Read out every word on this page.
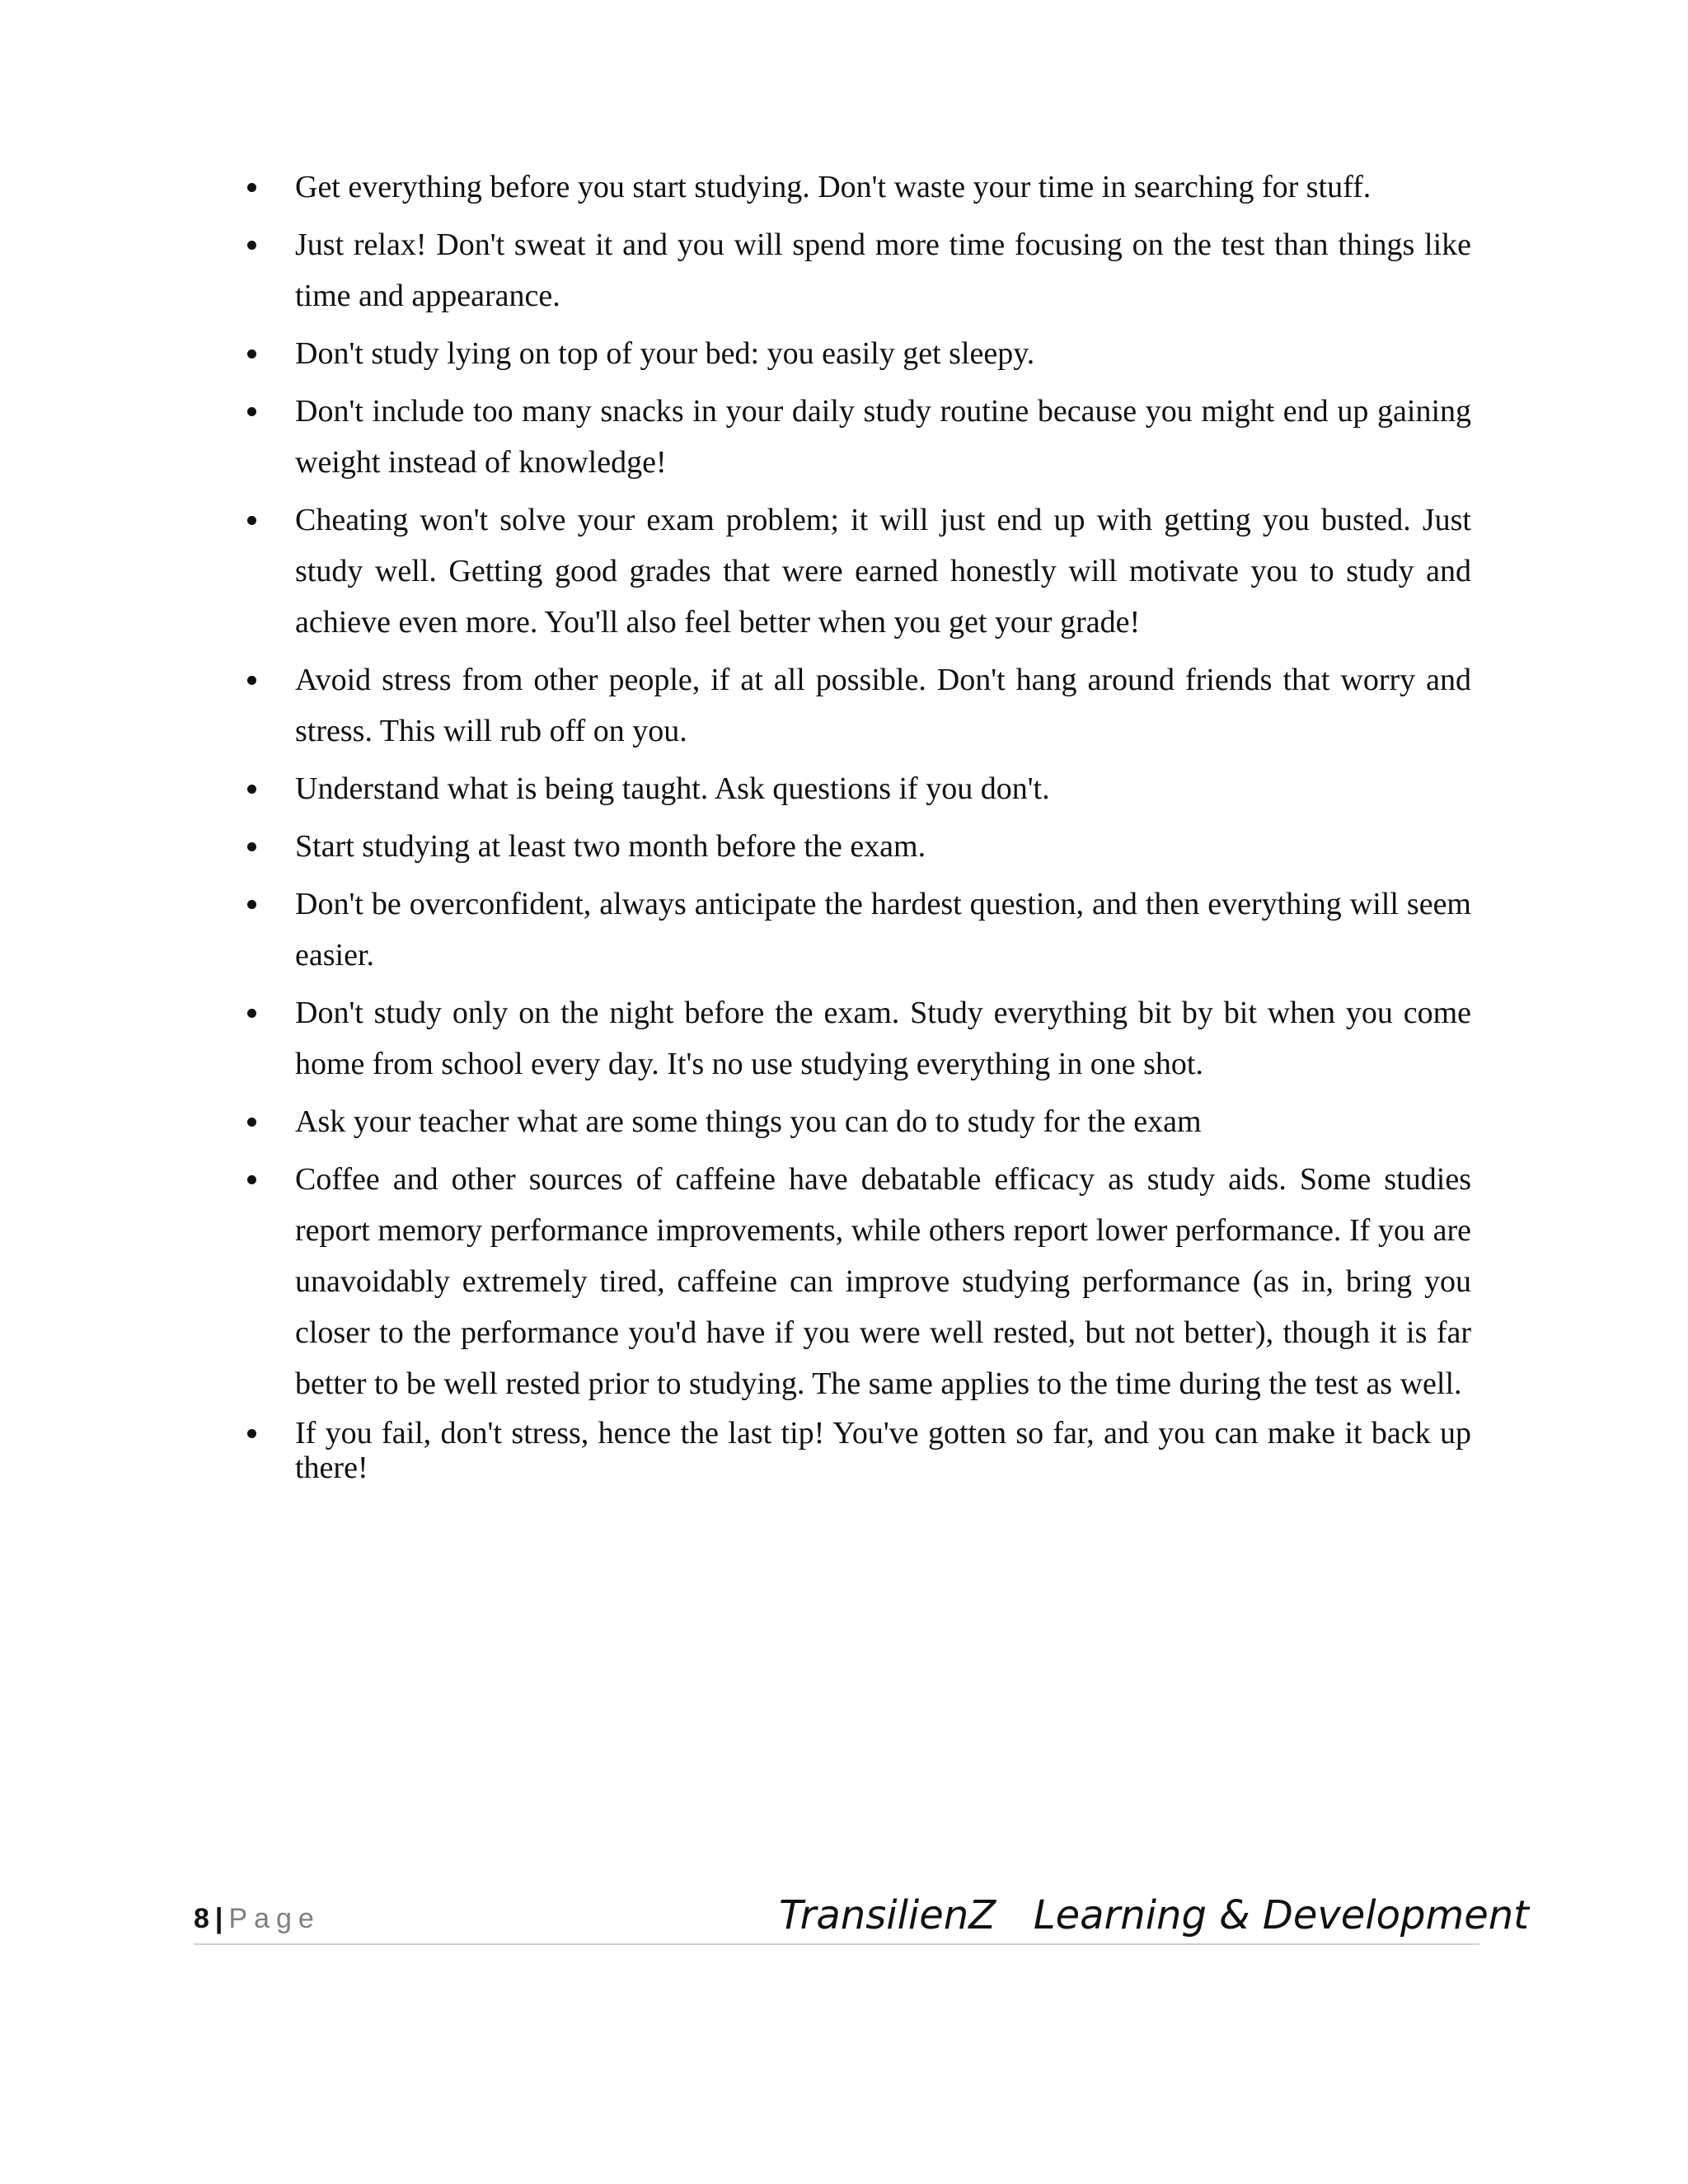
Get everything before you start studying. Don't waste your time in searching for stuff.
Just relax! Don't sweat it and you will spend more time focusing on the test than things like time and appearance.
Don't study lying on top of your bed: you easily get sleepy.
Don't include too many snacks in your daily study routine because you might end up gaining weight instead of knowledge!
Cheating won't solve your exam problem; it will just end up with getting you busted. Just study well. Getting good grades that were earned honestly will motivate you to study and achieve even more. You'll also feel better when you get your grade!
Avoid stress from other people, if at all possible. Don't hang around friends that worry and stress. This will rub off on you.
Understand what is being taught. Ask questions if you don't.
Start studying at least two month before the exam.
Don't be overconfident, always anticipate the hardest question, and then everything will seem easier.
Don't study only on the night before the exam. Study everything bit by bit when you come home from school every day. It's no use studying everything in one shot.
Ask your teacher what are some things you can do to study for the exam
Coffee and other sources of caffeine have debatable efficacy as study aids. Some studies report memory performance improvements, while others report lower performance. If you are unavoidably extremely tired, caffeine can improve studying performance (as in, bring you closer to the performance you'd have if you were well rested, but not better), though it is far better to be well rested prior to studying. The same applies to the time during the test as well.
If you fail, don't stress, hence the last tip! You've gotten so far, and you can make it back up there!
8 | Page	TransilienZ   Learning & Development
